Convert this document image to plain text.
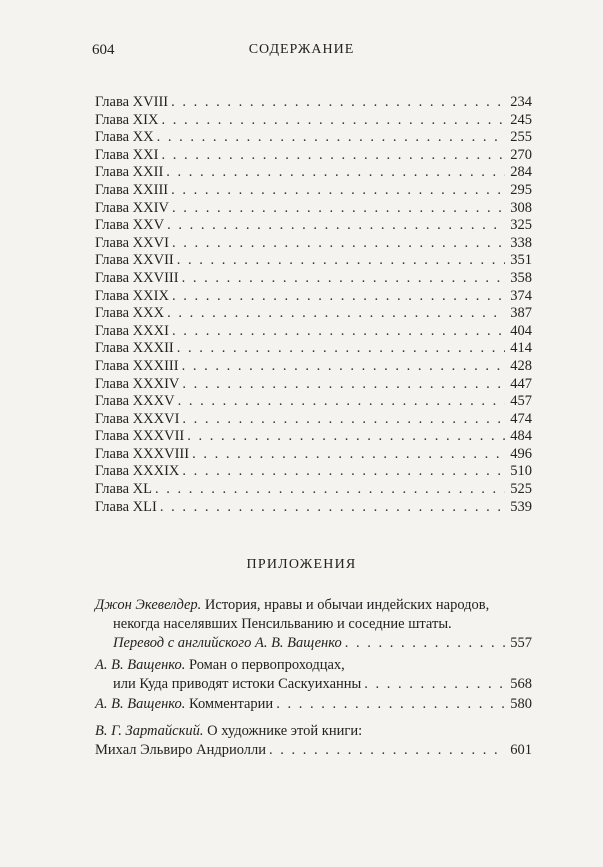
604	СОДЕРЖАНИЕ
Глава XVIII . . .	234
Глава XIX . . .	245
Глава XX . . .	255
Глава XXI . . .	270
Глава XXII . . .	284
Глава XXIII . . .	295
Глава XXIV . . .	308
Глава XXV . . .	325
Глава XXVI . . .	338
Глава XXVII . . .	351
Глава XXVIII . . .	358
Глава XXIX . . .	374
Глава XXX . . .	387
Глава XXXI . . .	404
Глава XXXII . . .	414
Глава XXXIII . . .	428
Глава XXXIV . . .	447
Глава XXXV . . .	457
Глава XXXVI . . .	474
Глава XXXVII . . .	484
Глава XXXVIII . . .	496
Глава XXXIX . . .	510
Глава XL . . .	525
Глава XLI . . .	539
ПРИЛОЖЕНИЯ
Джон Экевелдер. История, нравы и обычаи индейских народов,
некогда населявших Пенсильванию и соседние штаты.
Перевод с английского А. В. Ващенко . . .	557
А. В. Ващенко. Роман о первопроходцах,
или Куда приводят истоки Саскуиханны . . .	568
А. В. Ващенко. Комментарии . . .	580
В. Г. Зартайский. О художнике этой книги:
Михал Эльвиро Андриолли . . .	601
